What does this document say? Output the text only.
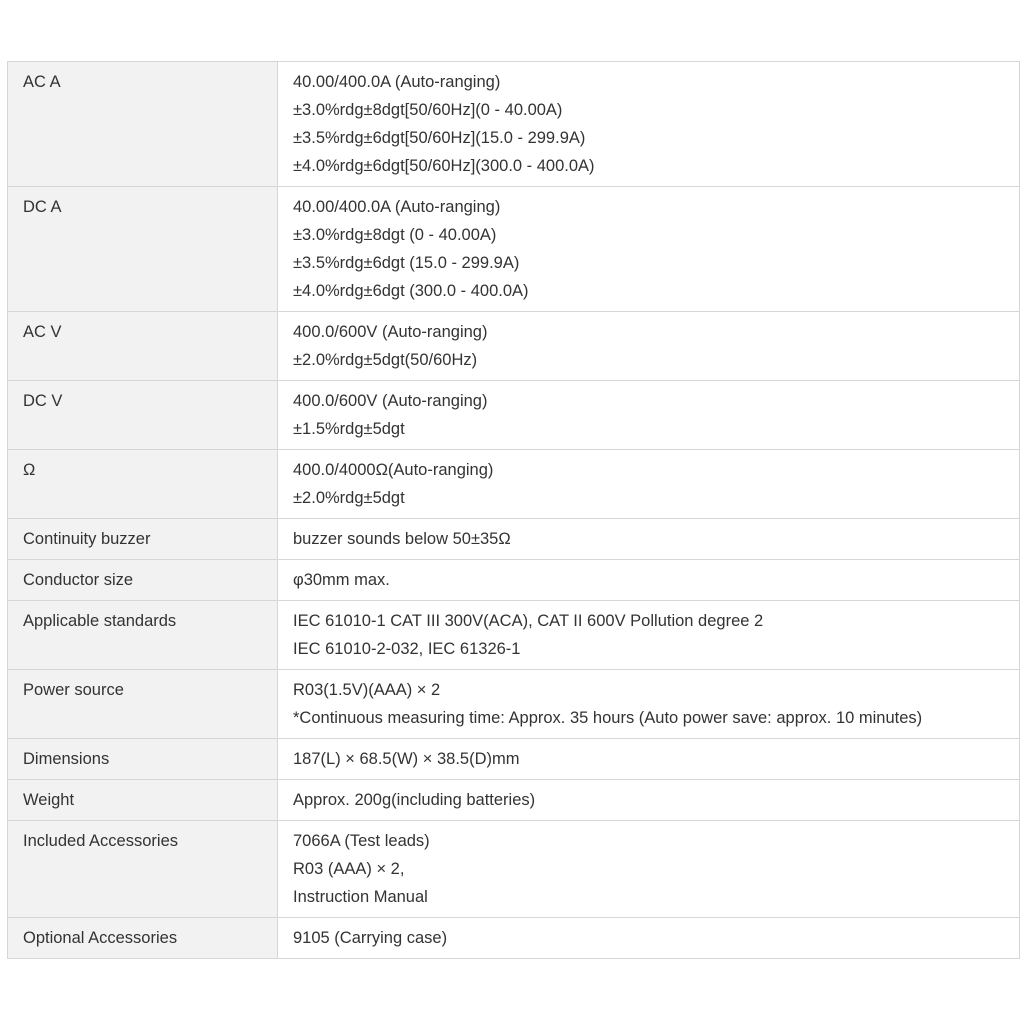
AC A	40.00/400.0A (Auto-ranging)
±3.0%rdg±8dgt[50/60Hz](0 - 40.00A)
±3.5%rdg±6dgt[50/60Hz](15.0 - 299.9A)
±4.0%rdg±6dgt[50/60Hz](300.0 - 400.0A)

DC A	40.00/400.0A (Auto-ranging)
±3.0%rdg±8dgt (0 - 40.00A)
±3.5%rdg±6dgt (15.0 - 299.9A)
±4.0%rdg±6dgt (300.0 - 400.0A)

AC V	400.0/600V (Auto-ranging)
±2.0%rdg±5dgt(50/60Hz)

DC V	400.0/600V (Auto-ranging)
±1.5%rdg±5dgt

Ω	400.0/4000Ω(Auto-ranging)
±2.0%rdg±5dgt

Continuity buzzer	buzzer sounds below 50±35Ω

Conductor size	φ30mm max.

Applicable standards	IEC 61010-1 CAT III 300V(ACA), CAT II 600V Pollution degree 2
IEC 61010-2-032, IEC 61326-1

Power source	R03(1.5V)(AAA) × 2
*Continuous measuring time: Approx. 35 hours (Auto power save: approx. 10 minutes)

Dimensions	187(L) × 68.5(W) × 38.5(D)mm

Weight	Approx. 200g(including batteries)

Included Accessories	7066A (Test leads)
R03 (AAA) × 2,
Instruction Manual

Optional Accessories	9105 (Carrying case)
